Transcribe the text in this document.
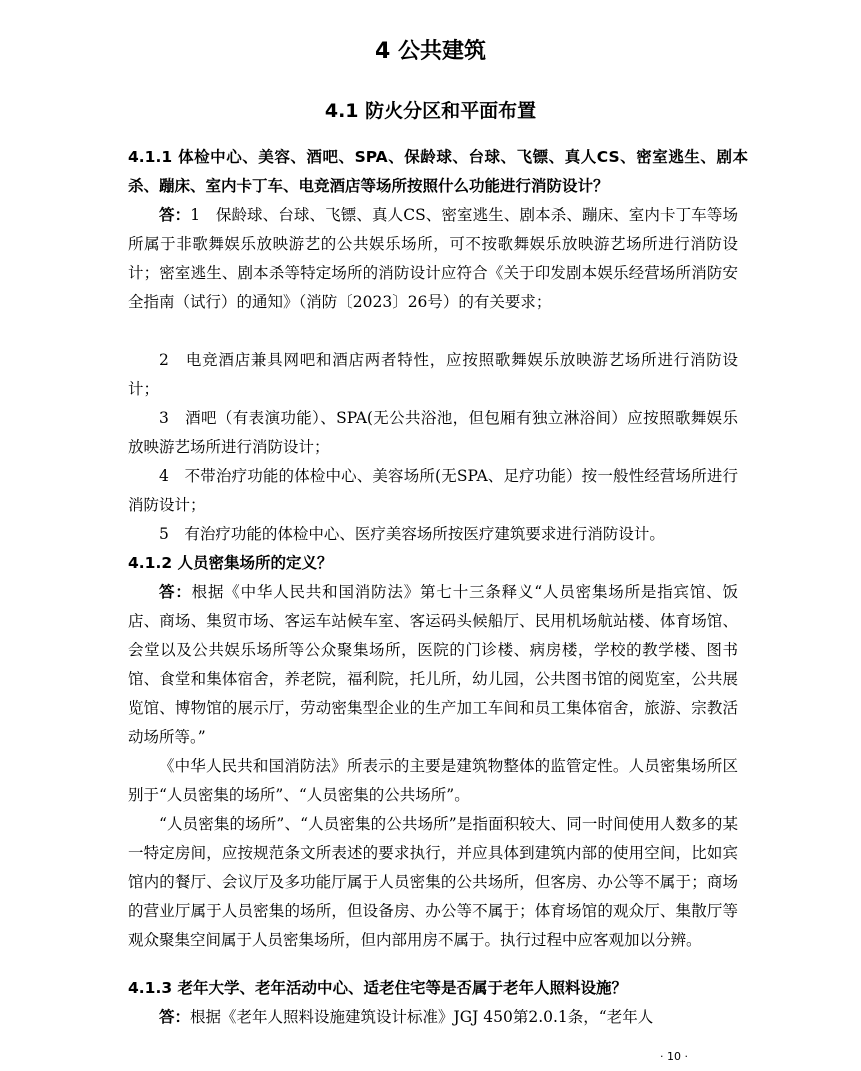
4 公共建筑
4.1 防火分区和平面布置
4.1.1 体检中心、美容、酒吧、SPA、保龄球、台球、飞镖、真人CS、密室逃生、剧本杀、蹦床、室内卡丁车、电竞酒店等场所按照什么功能进行消防设计？
答：1　保龄球、台球、飞镖、真人CS、密室逃生、剧本杀、蹦床、室内卡丁车等场所属于非歌舞娱乐放映游艺的公共娱乐场所，可不按歌舞娱乐放映游艺场所进行消防设计；密室逃生、剧本杀等特定场所的消防设计应符合《关于印发剧本娱乐经营场所消防安全指南（试行）的通知》（消防〔2023〕26号）的有关要求；
2　电竞酒店兼具网吧和酒店两者特性，应按照歌舞娱乐放映游艺场所进行消防设计；
3　酒吧（有表演功能）、SPA(无公共浴池，但包厢有独立淋浴间）应按照歌舞娱乐放映游艺场所进行消防设计；
4　不带治疗功能的体检中心、美容场所(无SPA、足疗功能）按一般性经营场所进行消防设计；
5　有治疗功能的体检中心、医疗美容场所按医疗建筑要求进行消防设计。
4.1.2 人员密集场所的定义？
答：根据《中华人民共和国消防法》第七十三条释义“人员密集场所是指宾馆、饭店、商场、集贸市场、客运车站候车室、客运码头候船厅、民用机场航站楼、体育场馆、会堂以及公共娱乐场所等公众聚集场所，医院的门诊楼、病房楼，学校的教学楼、图书馆、食堂和集体宿舍，养老院，福利院，托儿所，幼儿园，公共图书馆的阅览室，公共展览馆、博物馆的展示厅，劳动密集型企业的生产加工车间和员工集体宿舍，旅游、宗教活动场所等。”
《中华人民共和国消防法》所表示的主要是建筑物整体的监管定性。人员密集场所区别于“人员密集的场所”、“人员密集的公共场所”。
“人员密集的场所”、“人员密集的公共场所”是指面积较大、同一时间使用人数多的某一特定房间，应按规范条文所表述的要求执行，并应具体到建筑内部的使用空间，比如宾馆内的餐厅、会议厅及多功能厅属于人员密集的公共场所，但客房、办公等不属于；商场的营业厅属于人员密集的场所，但设备房、办公等不属于；体育场馆的观众厅、集散厅等观众聚集空间属于人员密集场所，但内部用房不属于。执行过程中应客观加以分辨。
4.1.3 老年大学、老年活动中心、适老住宅等是否属于老年人照料设施？
答：根据《老年人照料设施建筑设计标准》JGJ 450第2.0.1条，“老年人
· 10 ·
